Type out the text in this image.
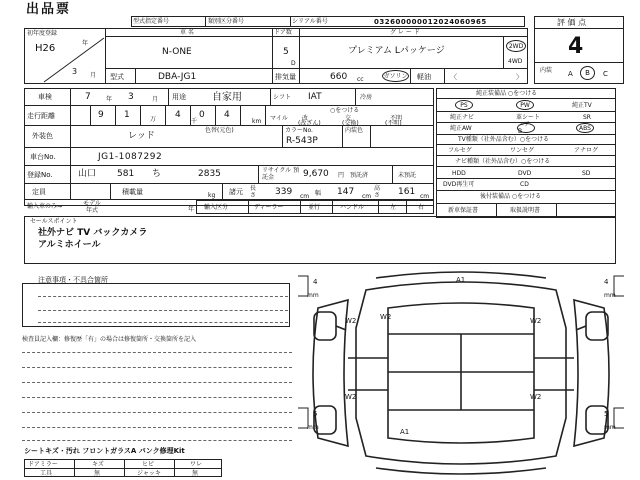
出品票
型式指定番号	類別区分番号	シリアル番号	032600000012024060965	評 価 点
4
内装 A B C
初年度登録
H26	年
3 月
車 名
N-ONE
ドア数
5
D
グ レ ー ド
プレミアム Lパッケージ	2WD
4WD
型式	DBA-JG1	排気量	660 cc	ガソリン 軽油	〈	〉
車検	7	年 3	月 用途	自家用	シフト IAT	冷房
走行距離	9 1	万 4 0 4
千	km マイル
○をつける
改	交	不明
(改ざん)	(交換)	(不明)
外装色	レッド
色替(元色)	カラーNo.
R-543P
内装色
車台No.	JG1-1087292
登録No.	山口 581 ち	2835	リサイクル 預託金	9,670 円 預託済	未預託
定員	積載量	kg 諸元 長さ	339 cm 幅 147 cm
高さ	161 cm
輸入車のみ→	モデル 年式	年 輸入区分	ディーラー	並行	ハンドル	左	右
純正装備品 ○をつける
PS	PW	純正TV
純正ナビ	革シート	SR
純正AW
エアB	ABS
TV種類（社外品含む）○をつける
フルセグ	ワンセグ	アナログ
ナビ種類（社外品含む）○をつける
HDD	DVD	SD
DVD再生可	CD
後付装備品 ○をつける
新車保証書	取扱説明書
セールスポイント
社外ナビ TV バックカメラ
アルミホイール
注意事項・不具合箇所
検査員記入欄：修復歴「有」の場合は修復箇所・交換箇所を記入
シートキズ・汚れ フロントガラスA パンク修理Kit
ドアミラー	キズ	ヒビ	ワレ
工具	無	ジャッキ	無
4
mm
4
mm
5
mm
5
mm
A1
A1
W2
W2	W2
W2	W2
